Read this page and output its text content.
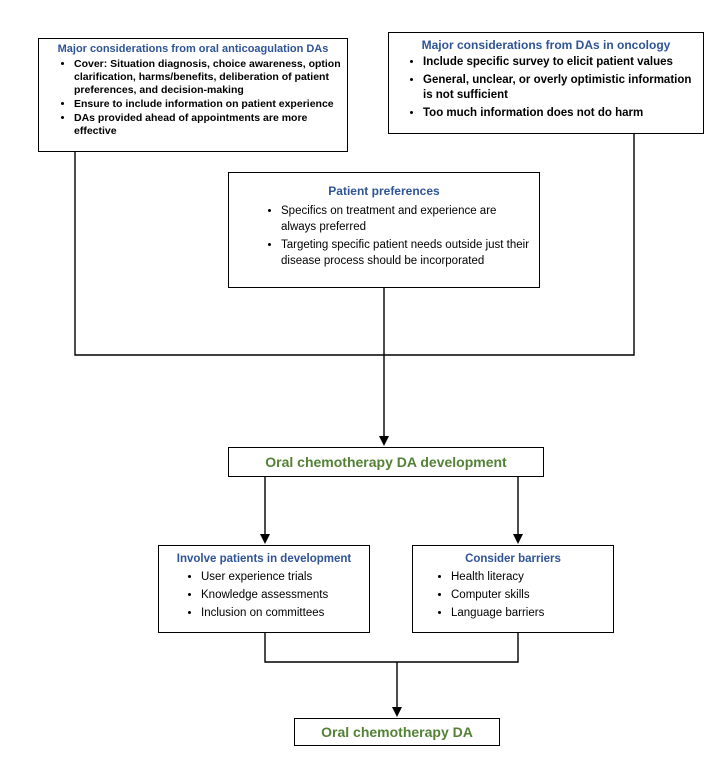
Major considerations from oral anticoagulation DAs
• Cover: Situation diagnosis, choice awareness, option clarification, harms/benefits, deliberation of patient preferences, and decision-making
• Ensure to include information on patient experience
• DAs provided ahead of appointments are more effective
Major considerations from DAs in oncology
• Include specific survey to elicit patient values
• General, unclear, or overly optimistic information is not sufficient
• Too much information does not do harm
Patient preferences
• Specifics on treatment and experience are always preferred
• Targeting specific patient needs outside just their disease process should be incorporated
Oral chemotherapy DA development
Involve patients in development
• User experience trials
• Knowledge assessments
• Inclusion on committees
Consider barriers
• Health literacy
• Computer skills
• Language barriers
Oral chemotherapy DA
